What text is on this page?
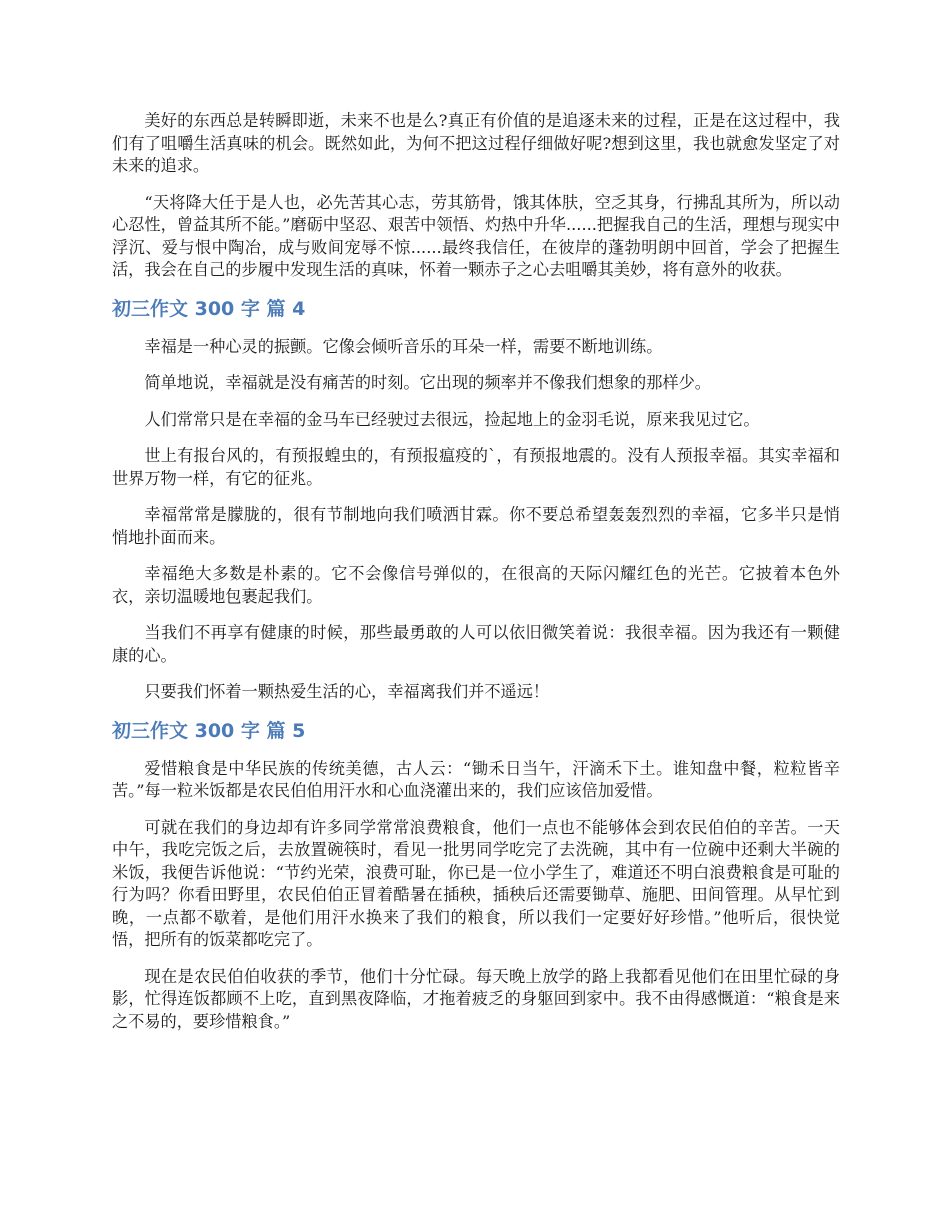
美好的东西总是转瞬即逝，未来不也是么?真正有价值的是追逐未来的过程，正是在这过程中，我们有了咀嚼生活真味的机会。既然如此，为何不把这过程仔细做好呢?想到这里，我也就愈发坚定了对未来的追求。

“天将降大任于是人也，必先苦其心志，劳其筋骨，饿其体肤，空乏其身，行拂乱其所为，所以动心忍性，曾益其所不能。”磨砺中坚忍、艰苦中领悟、灼热中升华......把握我自己的生活，理想与现实中浮沉、爱与恨中陶冶，成与败间宠辱不惊......最终我信任，在彼岸的蓬勃明朗中回首，学会了把握生活，我会在自己的步履中发现生活的真味，怀着一颗赤子之心去咀嚼其美妙，将有意外的收获。

初三作文 300 字 篇 4

幸福是一种心灵的振颤。它像会倾听音乐的耳朵一样，需要不断地训练。

简单地说，幸福就是没有痛苦的时刻。它出现的频率并不像我们想象的那样少。

人们常常只是在幸福的金马车已经驶过去很远，捡起地上的金羽毛说，原来我见过它。

世上有报台风的，有预报蝗虫的，有预报瘟疫的`，有预报地震的。没有人预报幸福。其实幸福和世界万物一样，有它的征兆。

幸福常常是朦胧的，很有节制地向我们喷洒甘霖。你不要总希望轰轰烈烈的幸福，它多半只是悄悄地扑面而来。

幸福绝大多数是朴素的。它不会像信号弹似的，在很高的天际闪耀红色的光芒。它披着本色外衣，亲切温暖地包裹起我们。

当我们不再享有健康的时候，那些最勇敢的人可以依旧微笑着说：我很幸福。因为我还有一颗健康的心。

只要我们怀着一颗热爱生活的心，幸福离我们并不遥远！

初三作文 300 字 篇 5

爱惜粮食是中华民族的传统美德，古人云：“锄禾日当午，汗滴禾下土。谁知盘中餐，粒粒皆辛苦。”每一粒米饭都是农民伯伯用汗水和心血浇灌出来的，我们应该倍加爱惜。

可就在我们的身边却有许多同学常常浪费粮食，他们一点也不能够体会到农民伯伯的辛苦。一天中午，我吃完饭之后，去放置碗筷时，看见一批男同学吃完了去洗碗，其中有一位碗中还剩大半碗的米饭，我便告诉他说：“节约光荣，浪费可耻，你已是一位小学生了，难道还不明白浪费粮食是可耻的行为吗？你看田野里，农民伯伯正冒着酷暑在插秧，插秧后还需要锄草、施肥、田间管理。从早忙到晚，一点都不歇着，是他们用汗水换来了我们的粮食，所以我们一定要好好珍惜。”他听后，很快觉悟，把所有的饭菜都吃完了。

现在是农民伯伯收获的季节，他们十分忙碌。每天晚上放学的路上我都看见他们在田里忙碌的身影，忙得连饭都顾不上吃，直到黑夜降临，才拖着疲乏的身躯回到家中。我不由得感慨道：“粮食是来之不易的，要珍惜粮食。”
